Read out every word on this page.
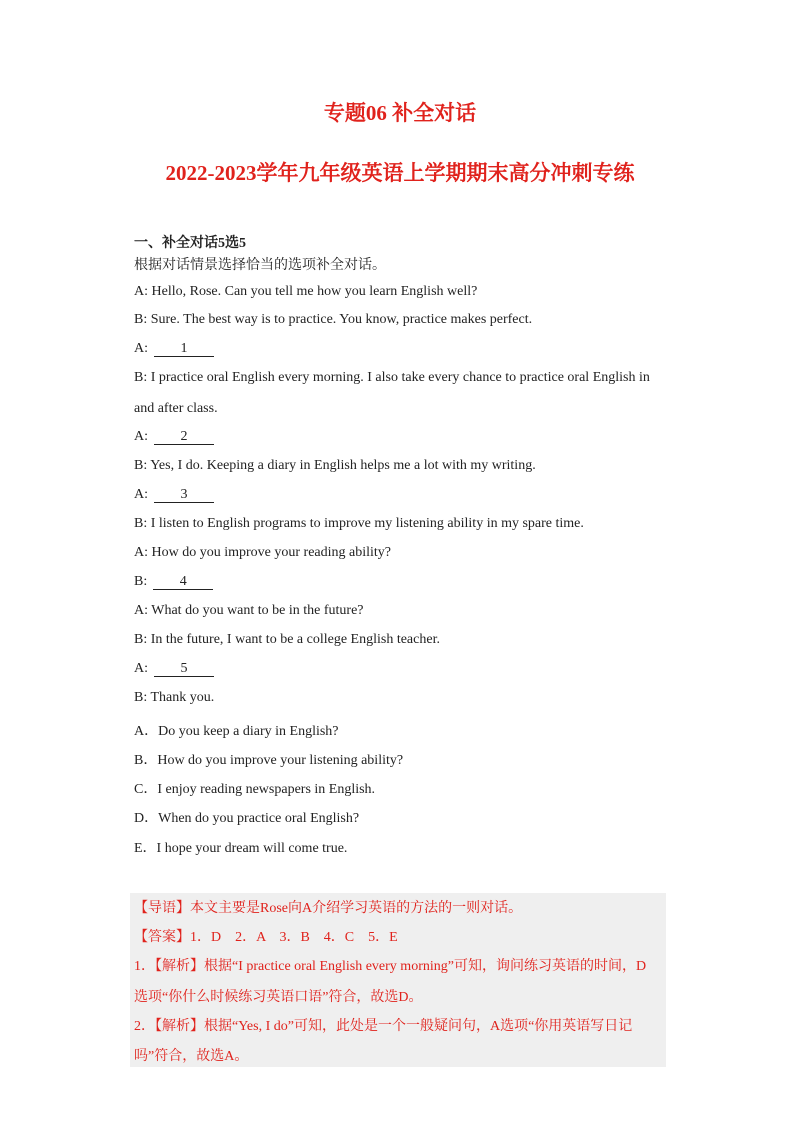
专题06 补全对话
2022-2023学年九年级英语上学期期末高分冲刺专练
一、补全对话5选5
根据对话情景选择恰当的选项补全对话。
A: Hello, Rose. Can you tell me how you learn English well?
B: Sure. The best way is to practice. You know, practice makes perfect.
A: 1
B: I practice oral English every morning. I also take every chance to practice oral English in
and after class.
A: 2
B: Yes, I do. Keeping a diary in English helps me a lot with my writing.
A: 3
B: I listen to English programs to improve my listening ability in my spare time.
A: How do you improve your reading ability?
B: 4
A: What do you want to be in the future?
B: In the future, I want to be a college English teacher.
A: 5
B: Thank you.
A．Do you keep a diary in English?
B．How do you improve your listening ability?
C．I enjoy reading newspapers in English.
D．When do you practice oral English?
E．I hope your dream will come true.
【导语】本文主要是Rose向A介绍学习英语的方法的一则对话。
【答案】1．D　2．A　3．B　4．C　5．E
1．【解析】根据“I practice oral English every morning”可知，询问练习英语的时间，D
选项“你什么时候练习英语口语”符合，故选D。
2．【解析】根据“Yes, I do”可知，此处是一个一般疑问句，A选项“你用英语写日记
吗”符合，故选A。
